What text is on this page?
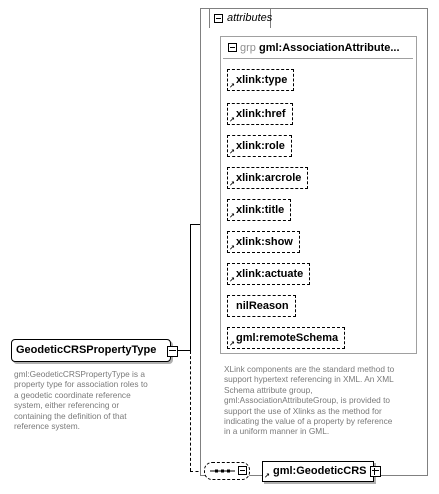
attributes
grp gml:AssociationAttribute...
↗
xlink:type
↗
xlink:href
↗
xlink:role
↗
xlink:arcrole
↗
xlink:title
↗
xlink:show
↗
xlink:actuate
nilReason
↗
gml:remoteSchema
XLink components are the standard method to
support hypertext referencing in XML. An XML
Schema attribute group,
gml:AssociationAttributeGroup, is provided to
support the use of Xlinks as the method for
indicating the value of a property by reference
in a uniform manner in GML.
GeodeticCRSPropertyType
gml:GeodeticCRSPropertyType is a
property type for association roles to
a geodetic coordinate reference
system, either referencing or
containing the definition of that
reference system.
↗ gml:GeodeticCRS
